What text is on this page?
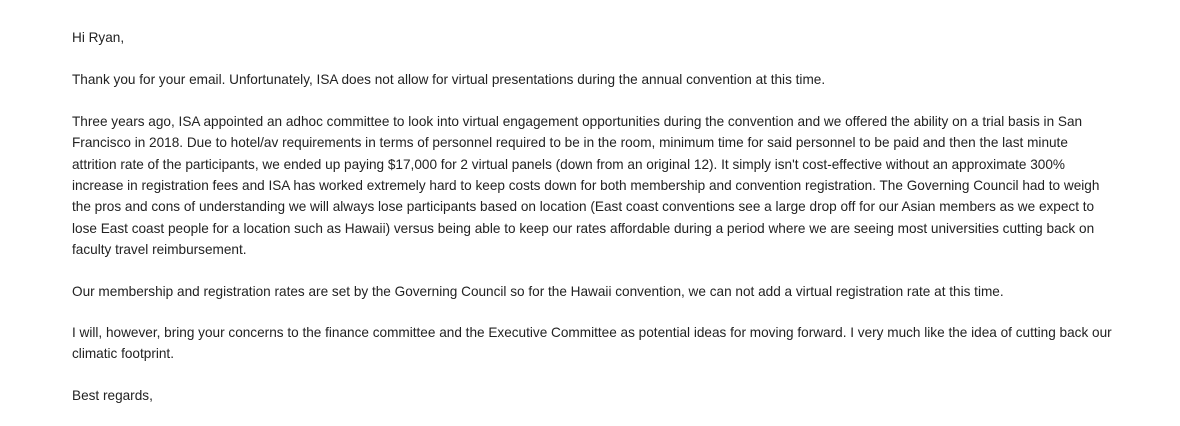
Hi Ryan,

Thank you for your email. Unfortunately, ISA does not allow for virtual presentations during the annual convention at this time.

Three years ago, ISA appointed an adhoc committee to look into virtual engagement opportunities during the convention and we offered the ability on a trial basis in San
Francisco in 2018. Due to hotel/av requirements in terms of personnel required to be in the room, minimum time for said personnel to be paid and then the last minute
attrition rate of the participants, we ended up paying $17,000 for 2 virtual panels (down from an original 12). It simply isn't cost-effective without an approximate 300%
increase in registration fees and ISA has worked extremely hard to keep costs down for both membership and convention registration. The Governing Council had to weigh
the pros and cons of understanding we will always lose participants based on location (East coast conventions see a large drop off for our Asian members as we expect to
lose East coast people for a location such as Hawaii) versus being able to keep our rates affordable during a period where we are seeing most universities cutting back on
faculty travel reimbursement.

Our membership and registration rates are set by the Governing Council so for the Hawaii convention, we can not add a virtual registration rate at this time.

I will, however, bring your concerns to the finance committee and the Executive Committee as potential ideas for moving forward. I very much like the idea of cutting back our
climatic footprint.

Best regards,
